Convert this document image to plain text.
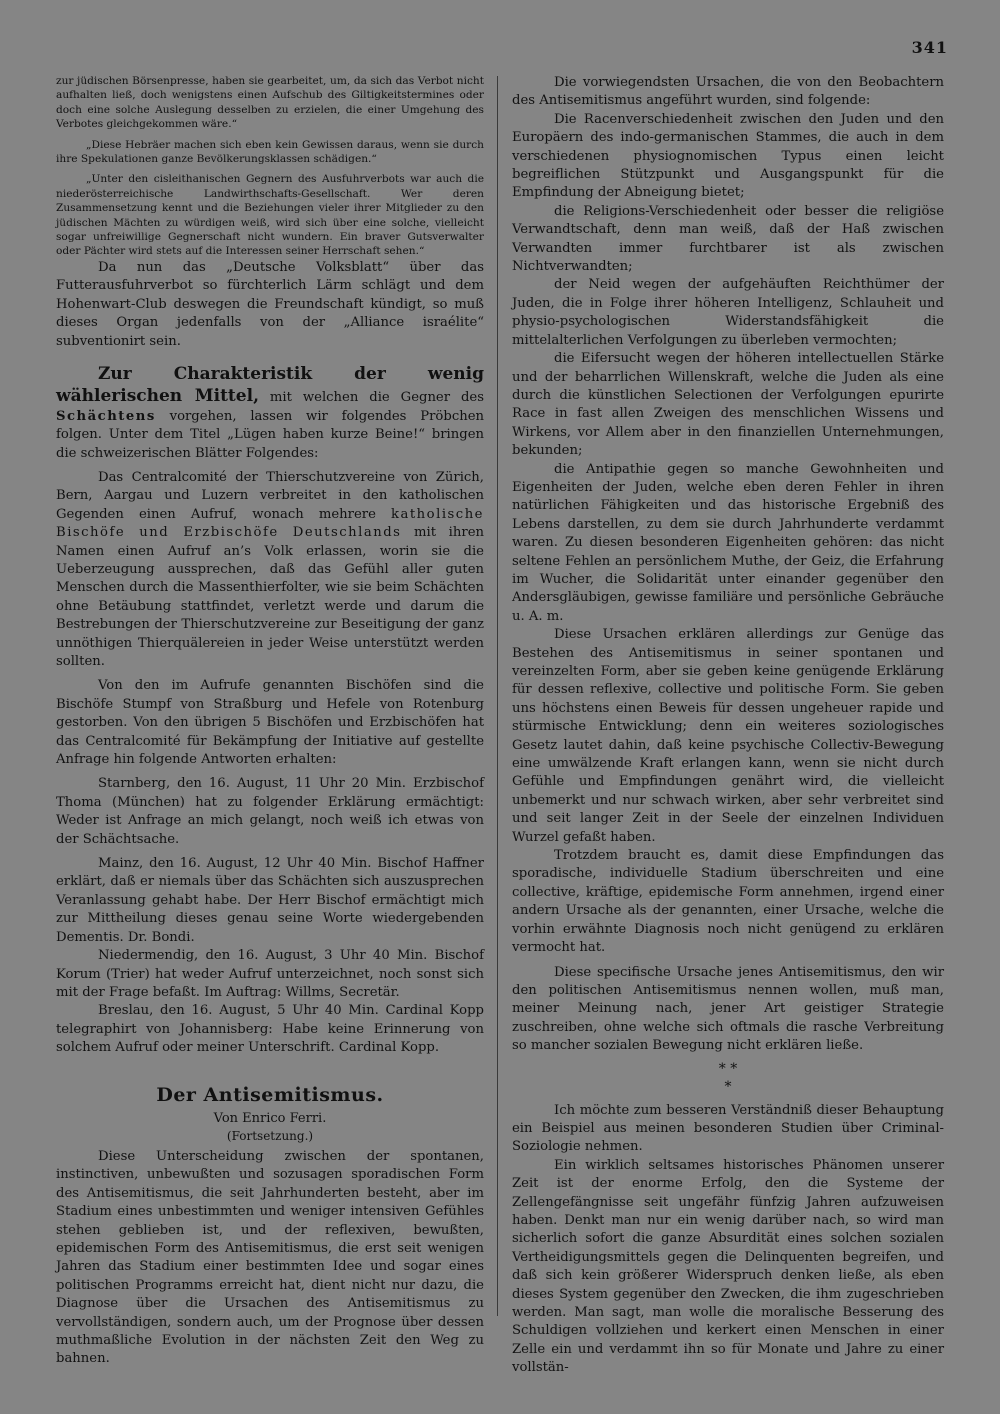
341

zur jüdischen Börsenpresse, haben sie gearbeitet, um, da sich das Verbot nicht aufhalten ließ, doch wenigstens einen Aufschub des Giltigkeitstermines oder doch eine solche Auslegung desselben zu erzielen, die einer Umgehung des Verbotes gleichgekommen wäre.“

„Diese Hebräer machen sich eben kein Gewissen daraus, wenn sie durch ihre Spekulationen ganze Bevölkerungsklassen schädigen.“

„Unter den cisleithanischen Gegnern des Ausfuhrverbots war auch die niederösterreichische Landwirthschafts-Gesellschaft. Wer deren Zusammensetzung kennt und die Beziehungen vieler ihrer Mitglieder zu den jüdischen Mächten zu würdigen weiß, wird sich über eine solche, vielleicht sogar unfreiwillige Gegnerschaft nicht wundern. Ein braver Gutsverwalter oder Pächter wird stets auf die Interessen seiner Herrschaft sehen.“

Da nun das „Deutsche Volksblatt“ über das Futterausfuhrverbot so fürchterlich Lärm schlägt und dem Hohenwart-Club deswegen die Freundschaft kündigt, so muß dieses Organ jedenfalls von der „Alliance israélite“ subventionirt sein.

Zur Charakteristik der wenig wählerischen Mittel, mit welchen die Gegner des Schächtens vorgehen, lassen wir folgendes Pröbchen folgen. Unter dem Titel „Lügen haben kurze Beine!“ bringen die schweizerischen Blätter Folgendes:

Das Centralcomité der Thierschutzvereine von Zürich, Bern, Aargau und Luzern verbreitet in den katholischen Gegenden einen Aufruf, wonach mehrere katholische Bischöfe und Erzbischöfe Deutschlands mit ihren Namen einen Aufruf an’s Volk erlassen, worin sie die Ueberzeugung aussprechen, daß das Gefühl aller guten Menschen durch die Massenthierfolter, wie sie beim Schächten ohne Betäubung stattfindet, verletzt werde und darum die Bestrebungen der Thierschutzvereine zur Beseitigung der ganz unnöthigen Thierquälereien in jeder Weise unterstützt werden sollten.

Von den im Aufrufe genannten Bischöfen sind die Bischöfe Stumpf von Straßburg und Hefele von Rotenburg gestorben. Von den übrigen 5 Bischöfen und Erzbischöfen hat das Centralcomité für Bekämpfung der Initiative auf gestellte Anfrage hin folgende Antworten erhalten:

Starnberg, den 16. August, 11 Uhr 20 Min. Erzbischof Thoma (München) hat zu folgender Erklärung ermächtigt: Weder ist Anfrage an mich gelangt, noch weiß ich etwas von der Schächtsache.

Mainz, den 16. August, 12 Uhr 40 Min. Bischof Haffner erklärt, daß er niemals über das Schächten sich auszusprechen Veranlassung gehabt habe. Der Herr Bischof ermächtigt mich zur Mittheilung dieses genau seine Worte wiedergebenden Dementis. Dr. Bondi.

Niedermendig, den 16. August, 3 Uhr 40 Min. Bischof Korum (Trier) hat weder Aufruf unterzeichnet, noch sonst sich mit der Frage befaßt. Im Auftrag: Willms, Secretär.

Breslau, den 16. August, 5 Uhr 40 Min. Cardinal Kopp telegraphirt von Johannisberg: Habe keine Erinnerung von solchem Aufruf oder meiner Unterschrift. Cardinal Kopp.

Der Antisemitismus.
Von Enrico Ferri.
(Fortsetzung.)

Diese Unterscheidung zwischen der spontanen, instinctiven, unbewußten und sozusagen sporadischen Form des Antisemitismus, die seit Jahrhunderten besteht, aber im Stadium eines unbestimmten und weniger intensiven Gefühles stehen geblieben ist, und der reflexiven, bewußten, epidemischen Form des Antisemitismus, die erst seit wenigen Jahren das Stadium einer bestimmten Idee und sogar eines politischen Programms erreicht hat, dient nicht nur dazu, die Diagnose über die Ursachen des Antisemitismus zu vervollständigen, sondern auch, um der Prognose über dessen muthmaßliche Evolution in der nächsten Zeit den Weg zu bahnen.

Die vorwiegendsten Ursachen, die von den Beobachtern des Antisemitismus angeführt wurden, sind folgende:

Die Racenverschiedenheit zwischen den Juden und den Europäern des indo-germanischen Stammes, die auch in dem verschiedenen physiognomischen Typus einen leicht begreiflichen Stützpunkt und Ausgangspunkt für die Empfindung der Abneigung bietet;

die Religions-Verschiedenheit oder besser die religiöse Verwandtschaft, denn man weiß, daß der Haß zwischen Verwandten immer furchtbarer ist als zwischen Nichtverwandten;

der Neid wegen der aufgehäuften Reichthümer der Juden, die in Folge ihrer höheren Intelligenz, Schlauheit und physio-psychologischen Widerstandsfähigkeit die mittelalterlichen Verfolgungen zu überleben vermochten;

die Eifersucht wegen der höheren intellectuellen Stärke und der beharrlichen Willenskraft, welche die Juden als eine durch die künstlichen Selectionen der Verfolgungen epurirte Race in fast allen Zweigen des menschlichen Wissens und Wirkens, vor Allem aber in den finanziellen Unternehmungen, bekunden;

die Antipathie gegen so manche Gewohnheiten und Eigenheiten der Juden, welche eben deren Fehler in ihren natürlichen Fähigkeiten und das historische Ergebniß des Lebens darstellen, zu dem sie durch Jahrhunderte verdammt waren. Zu diesen besonderen Eigenheiten gehören: das nicht seltene Fehlen an persönlichem Muthe, der Geiz, die Erfahrung im Wucher, die Solidarität unter einander gegenüber den Andersgläubigen, gewisse familiäre und persönliche Gebräuche u. A. m.

Diese Ursachen erklären allerdings zur Genüge das Bestehen des Antisemitismus in seiner spontanen und vereinzelten Form, aber sie geben keine genügende Erklärung für dessen reflexive, collective und politische Form. Sie geben uns höchstens einen Beweis für dessen ungeheuer rapide und stürmische Entwicklung; denn ein weiteres soziologisches Gesetz lautet dahin, daß keine psychische Collectiv-Bewegung eine umwälzende Kraft erlangen kann, wenn sie nicht durch Gefühle und Empfindungen genährt wird, die vielleicht unbemerkt und nur schwach wirken, aber sehr verbreitet sind und seit langer Zeit in der Seele der einzelnen Individuen Wurzel gefaßt haben.

Trotzdem braucht es, damit diese Empfindungen das sporadische, individuelle Stadium überschreiten und eine collective, kräftige, epidemische Form annehmen, irgend einer andern Ursache als der genannten, einer Ursache, welche die vorhin erwähnte Diagnosis noch nicht genügend zu erklären vermocht hat.

Diese specifische Ursache jenes Antisemitismus, den wir den politischen Antisemitismus nennen wollen, muß man, meiner Meinung nach, jener Art geistiger Strategie zuschreiben, ohne welche sich oftmals die rasche Verbreitung so mancher sozialen Bewegung nicht erklären ließe.

* *
*

Ich möchte zum besseren Verständniß dieser Behauptung ein Beispiel aus meinen besonderen Studien über Criminal-Soziologie nehmen.

Ein wirklich seltsames historisches Phänomen unserer Zeit ist der enorme Erfolg, den die Systeme der Zellengefängnisse seit ungefähr fünfzig Jahren aufzuweisen haben. Denkt man nur ein wenig darüber nach, so wird man sicherlich sofort die ganze Absurdität eines solchen sozialen Vertheidigungsmittels gegen die Delinquenten begreifen, und daß sich kein größerer Widerspruch denken ließe, als eben dieses System gegenüber den Zwecken, die ihm zugeschrieben werden. Man sagt, man wolle die moralische Besserung des Schuldigen vollziehen und kerkert einen Menschen in einer Zelle ein und verdammt ihn so für Monate und Jahre zu einer vollstän-
